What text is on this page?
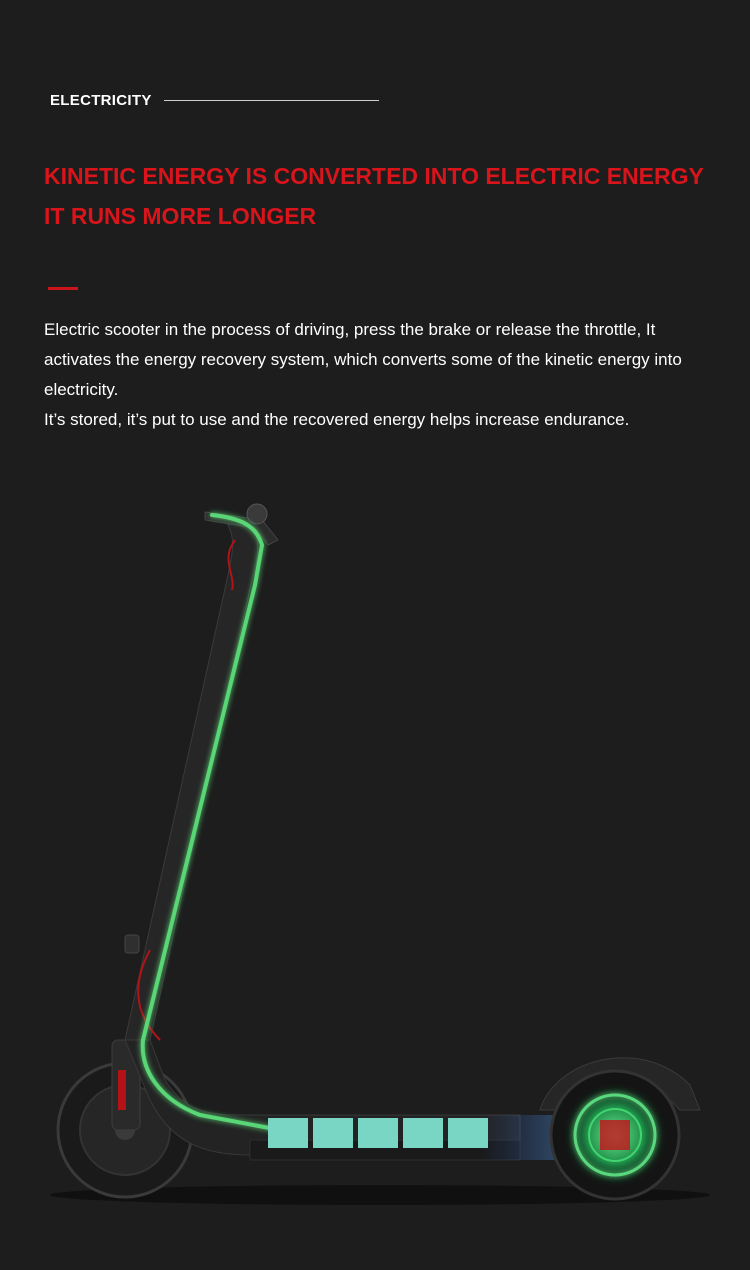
ELECTRICITY
KINETIC ENERGY IS CONVERTED INTO ELECTRIC ENERGY
IT RUNS MORE LONGER

Electric scooter in the process of driving, press the brake or release the throttle, It activates the energy recovery system, which converts some of the kinetic energy into electricity.

It’s stored, it’s put to use and the recovered energy helps increase endurance.
